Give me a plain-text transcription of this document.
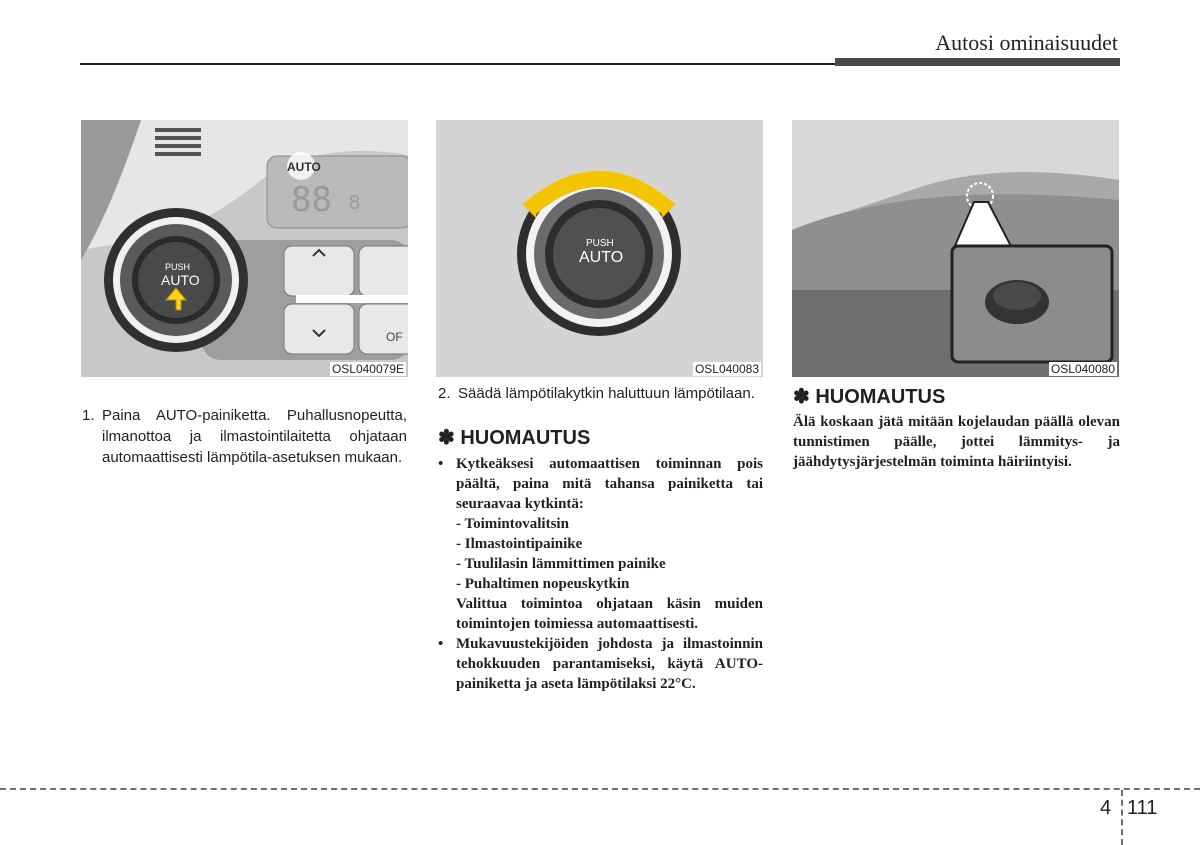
Autosi ominaisuudet
AUTO
88 8
PUSH
AUTO
OF
OSL040079E
PUSH
AUTO
OSL040083	OSL040080
1. Paina AUTO-painiketta. Puhallusnopeutta, ilmanottoa ja ilmastointilaitetta ohjataan automaattisesti lämpötila-asetuksen mukaan.
2. Säädä lämpötilakytkin haluttuun lämpötilaan.
✽ HUOMAUTUS
• Kytkeäksesi automaattisen toiminnan pois päältä, paina mitä tahansa painiketta tai seuraavaa kytkintä:
- Toimintovalitsin
- Ilmastointipainike
- Tuulilasin lämmittimen painike
- Puhaltimen nopeuskytkin
Valittua toimintoa ohjataan käsin muiden toimintojen toimiessa automaattisesti.
• Mukavuustekijöiden johdosta ja ilmastoinnin tehokkuuden parantamiseksi, käytä AUTO-painiketta ja aseta lämpötilaksi 22°C.
✽ HUOMAUTUS
Älä koskaan jätä mitään kojelaudan päällä olevan tunnistimen päälle, jottei lämmitys- ja jäähdytysjärjestelmän toiminta häiriintyisi.
4 111
